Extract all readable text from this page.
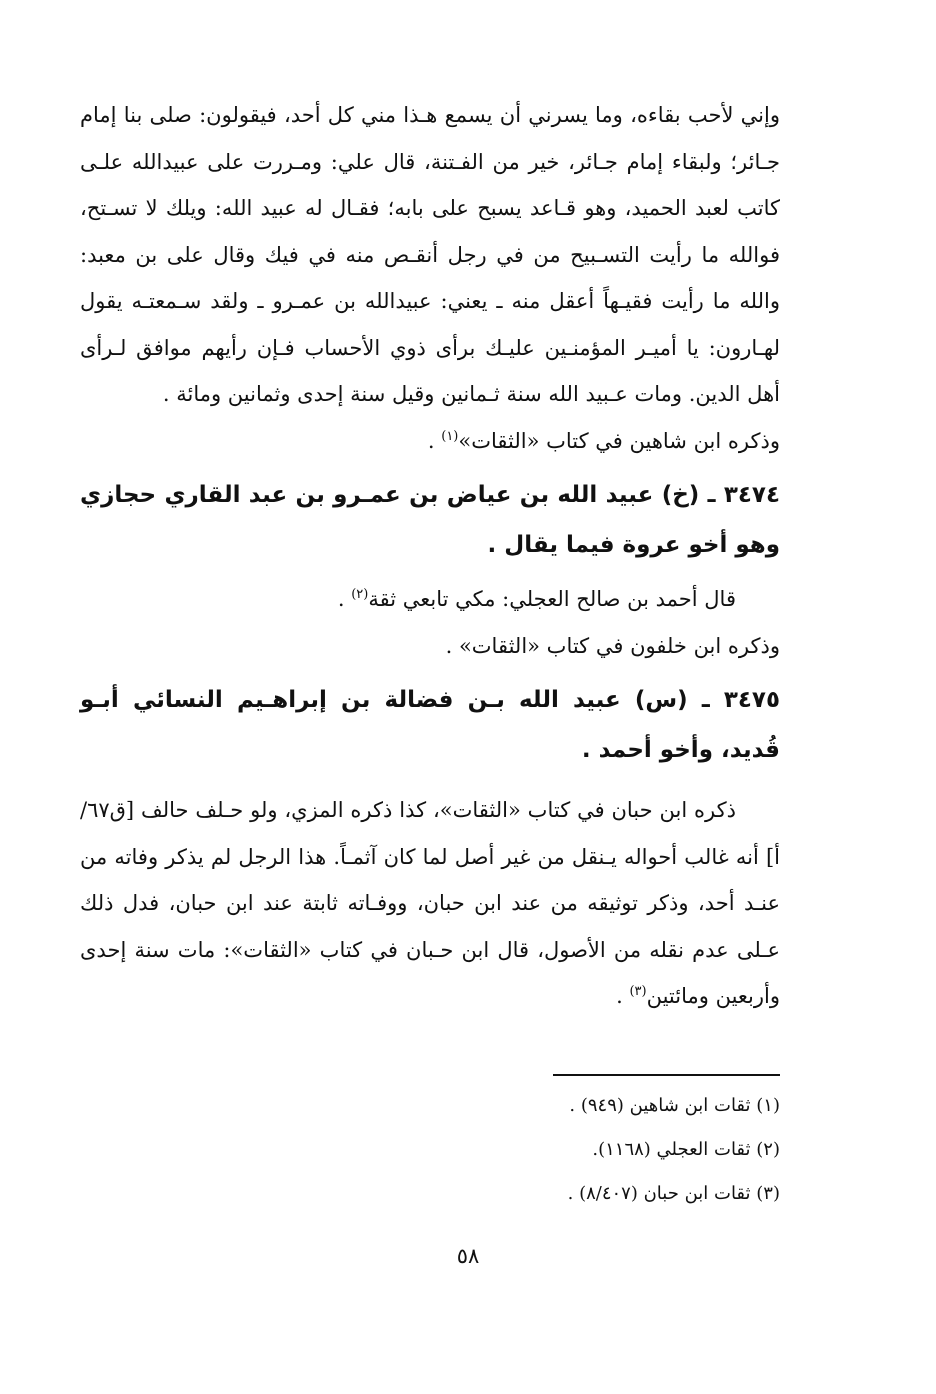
وإني لأحب بقاءه، وما يسرني أن يسمع هـذا مني كل أحد، فيقولون: صلى بنا إمام جـائر؛ ولبقاء إمام جـائر، خير من الفـتنة، قال علي: ومـررت على عبيدالله علـى كاتب لعبد الحميد، وهو قـاعد يسبح على بابه؛ فقـال له عبيد الله: ويلك لا تسـتح، فوالله ما رأيت التسـبيح من في رجل أنقـص منه في فيك وقال على بن معبد: والله ما رأيت فقيـهاً أعقل منه ـ يعني: عبيدالله بن عمـرو ـ ولقد سـمعتـه يقول لهـارون: يا أميـر المؤمنـين عليـك برأى ذوي الأحساب فـإن رأيهم موافق لـرأى أهل الدين. ومات عـبيد الله سنة ثـمانين وقيل سنة إحدى وثمانين ومائة .

وذكره ابن شاهين في كتاب «الثقات»$^{(١)}$ .

٣٤٧٤ ـ (خ) عبيد الله بن عياض بن عمـرو بن عبد القاري حجازي وهو أخو عروة فيما يقال .

قال أحمد بن صالح العجلي: مكي تابعي ثقة$^{(٢)}$ .

وذكره ابن خلفون في كتاب «الثقات» .

٣٤٧٥ ـ (س) عبيد الله بـن فضالة بن إبراهـيم النسائي أبـو قُديد، وأخو أحمد .

ذكره ابن حبان في كتاب «الثقات»، كذا ذكره المزي، ولو حـلف حالف [ق٦٧/أ] أنه غالب أحواله يـنقل من غير أصل لما كان آثمـاً. هذا الرجل لم يذكر وفاته من عنـد أحد، وذكر توثيقه من عند ابن حبان، ووفـاته ثابتة عند ابن حبان، فدل ذلك عـلى عدم نقله من الأصول، قال ابن حـبان في كتاب «الثقات»: مات سنة إحدى وأربعين ومائتين$^{(٣)}$ .

(١) ثقات ابن شاهين (٩٤٩) .

(٢) ثقات العجلي (١١٦٨).

(٣) ثقات ابن حبان (٨/٤٠٧) .

٥٨
